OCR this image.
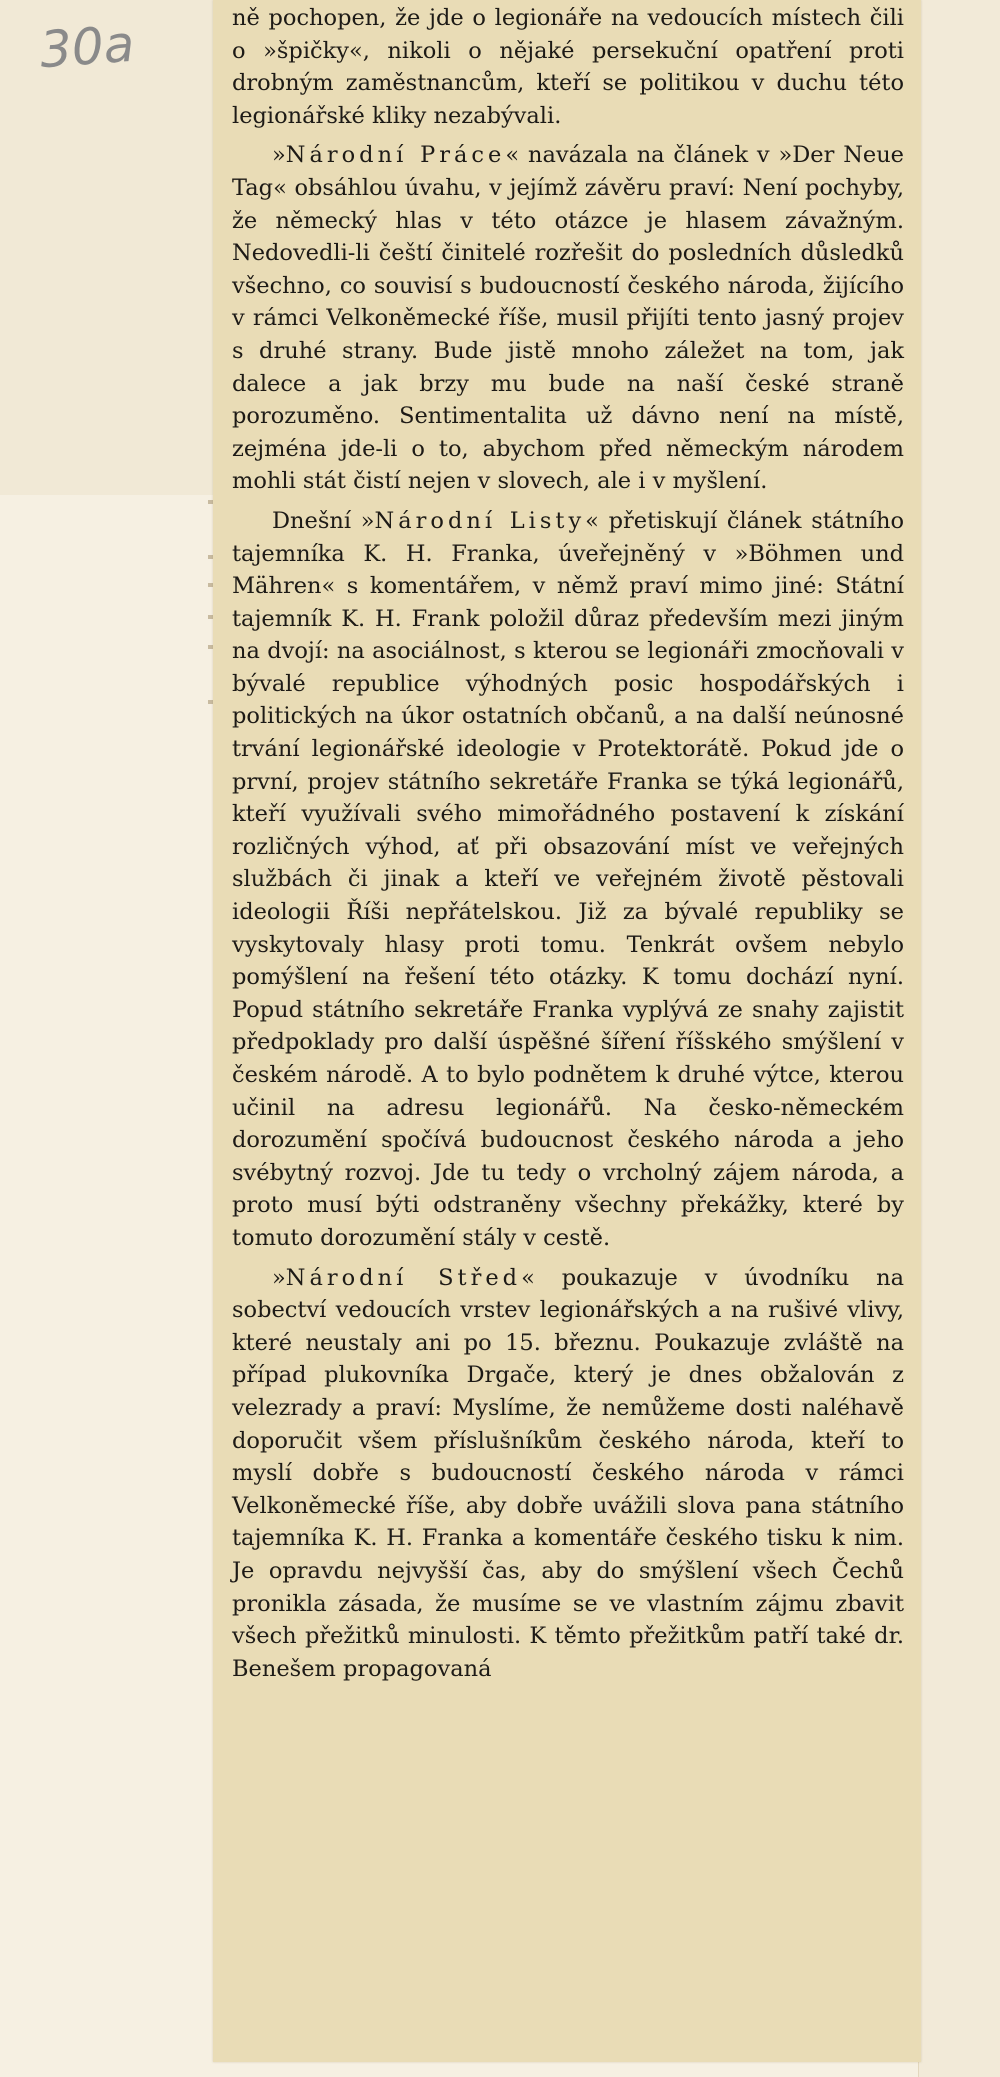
30a	ně pochopen, že jde o legionáře na vedoucích místech čili o »špičky«, nikoli o nějaké persekuční opatření proti drobným zaměstnancům, kteří se politikou v duchu této legionářské kliky nezabývali.

»Národní Práce« navázala na článek v »Der Neue Tag« obsáhlou úvahu, v jejímž závěru praví: Není pochyby, že německý hlas v této otázce je hlasem závažným. Nedovedli-li čeští činitelé rozřešit do posledních důsledků všechno, co souvisí s budoucností českého národa, žijícího v rámci Velkoněmecké říše, musil přijíti tento jasný projev s druhé strany. Bude jistě mnoho záležet na tom, jak dalece a jak brzy mu bude na naší české straně porozuměno. Sentimentalita už dávno není na místě, zejména jde-li o to, abychom před německým národem mohli stát čistí nejen v slovech, ale i v myšlení.

Dnešní »Národní Listy« přetiskují článek státního tajemníka K. H. Franka, úveřejněný v »Böhmen und Mähren« s komentářem, v němž praví mimo jiné: Státní tajemník K. H. Frank položil důraz především mezi jiným na dvojí: na asociálnost, s kterou se legionáři zmocňovali v bývalé republice výhodných posic hospodářských i politických na úkor ostatních občanů, a na další neúnosné trvání legionářské ideologie v Protektorátě. Pokud jde o první, projev státního sekretáře Franka se týká legionářů, kteří využívali svého mimořádného postavení k získání rozličných výhod, ať při obsazování míst ve veřejných službách či jinak a kteří ve veřejném životě pěstovali ideologii Říši nepřátelskou. Již za bývalé republiky se vyskytovaly hlasy proti tomu. Tenkrát ovšem nebylo pomýšlení na řešení této otázky. K tomu dochází nyní. Popud státního sekretáře Franka vyplývá ze snahy zajistit předpoklady pro další úspěšné šíření říšského smýšlení v českém národě. A to bylo podnětem k druhé výtce, kterou učinil na adresu legionářů. Na česko-německém dorozumění spočívá budoucnost českého národa a jeho svébytný rozvoj. Jde tu tedy o vrcholný zájem národa, a proto musí býti odstraněny všechny překážky, které by tomuto dorozumění stály v cestě.

»Národní Střed« poukazuje v úvodníku na sobectví vedoucích vrstev legionářských a na rušivé vlivy, které neustaly ani po 15. březnu. Poukazuje zvláště na případ plukovníka Drgače, který je dnes obžalován z velezrady a praví: Myslíme, že nemůžeme dosti naléhavě doporučit všem příslušníkům českého národa, kteří to myslí dobře s budoucností českého národa v rámci Velkoněmecké říše, aby dobře uvážili slova pana státního tajemníka K. H. Franka a komentáře českého tisku k nim. Je opravdu nejvyšší čas, aby do smýšlení všech Čechů pronikla zásada, že musíme se ve vlastním zájmu zbavit všech přežitků minulosti. K těmto přežitkům patří také dr. Benešem propagovaná
